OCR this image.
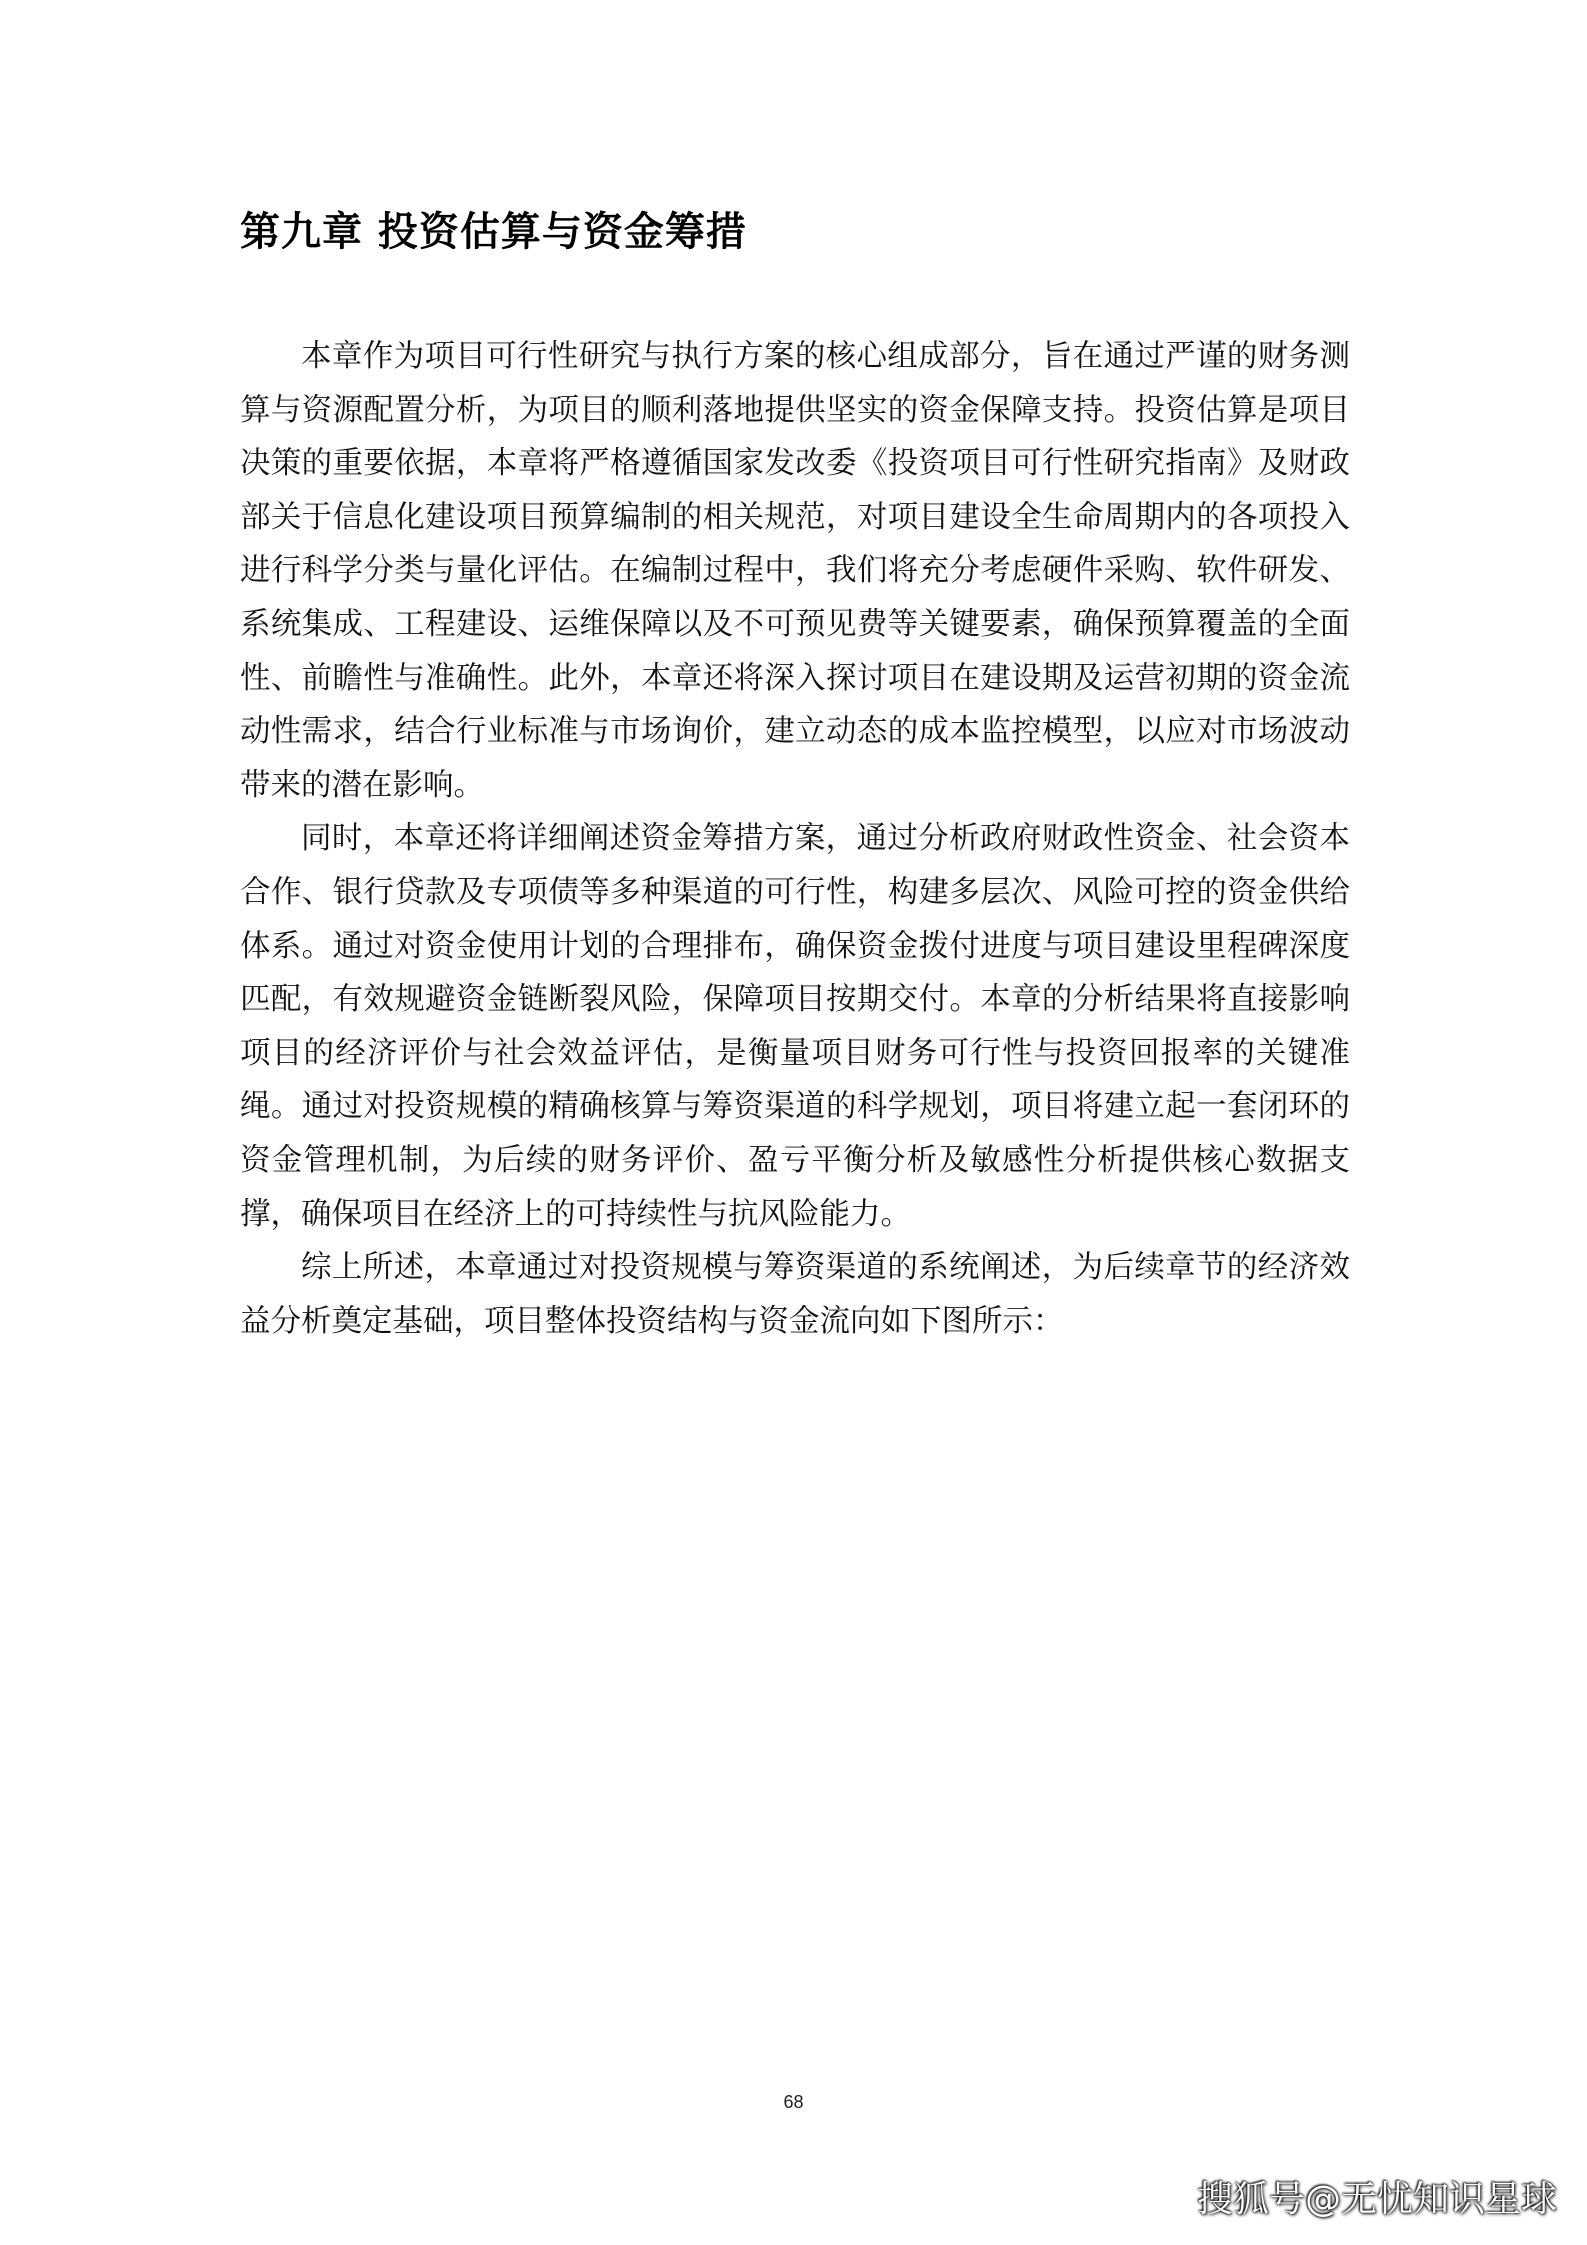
第九章 投资估算与资金筹措

本章作为项目可行性研究与执行方案的核心组成部分，旨在通过严谨的财务测算与资源配置分析，为项目的顺利落地提供坚实的资金保障支持。投资估算是项目决策的重要依据，本章将严格遵循国家发改委《投资项目可行性研究指南》及财政部关于信息化建设项目预算编制的相关规范，对项目建设全生命周期内的各项投入进行科学分类与量化评估。在编制过程中，我们将充分考虑硬件采购、软件研发、系统集成、工程建设、运维保障以及不可预见费等关键要素，确保预算覆盖的全面性、前瞻性与准确性。此外，本章还将深入探讨项目在建设期及运营初期的资金流动性需求，结合行业标准与市场询价，建立动态的成本监控模型，以应对市场波动带来的潜在影响。

同时，本章还将详细阐述资金筹措方案，通过分析政府财政性资金、社会资本合作、银行贷款及专项债等多种渠道的可行性，构建多层次、风险可控的资金供给体系。通过对资金使用计划的合理排布，确保资金拨付进度与项目建设里程碑深度匹配，有效规避资金链断裂风险，保障项目按期交付。本章的分析结果将直接影响项目的经济评价与社会效益评估，是衡量项目财务可行性与投资回报率的关键准绳。通过对投资规模的精确核算与筹资渠道的科学规划，项目将建立起一套闭环的资金管理机制，为后续的财务评价、盈亏平衡分析及敏感性分析提供核心数据支撑，确保项目在经济上的可持续性与抗风险能力。

综上所述，本章通过对投资规模与筹资渠道的系统阐述，为后续章节的经济效益分析奠定基础，项目整体投资结构与资金流向如下图所示：

68
搜狐号@无忧知识星球
